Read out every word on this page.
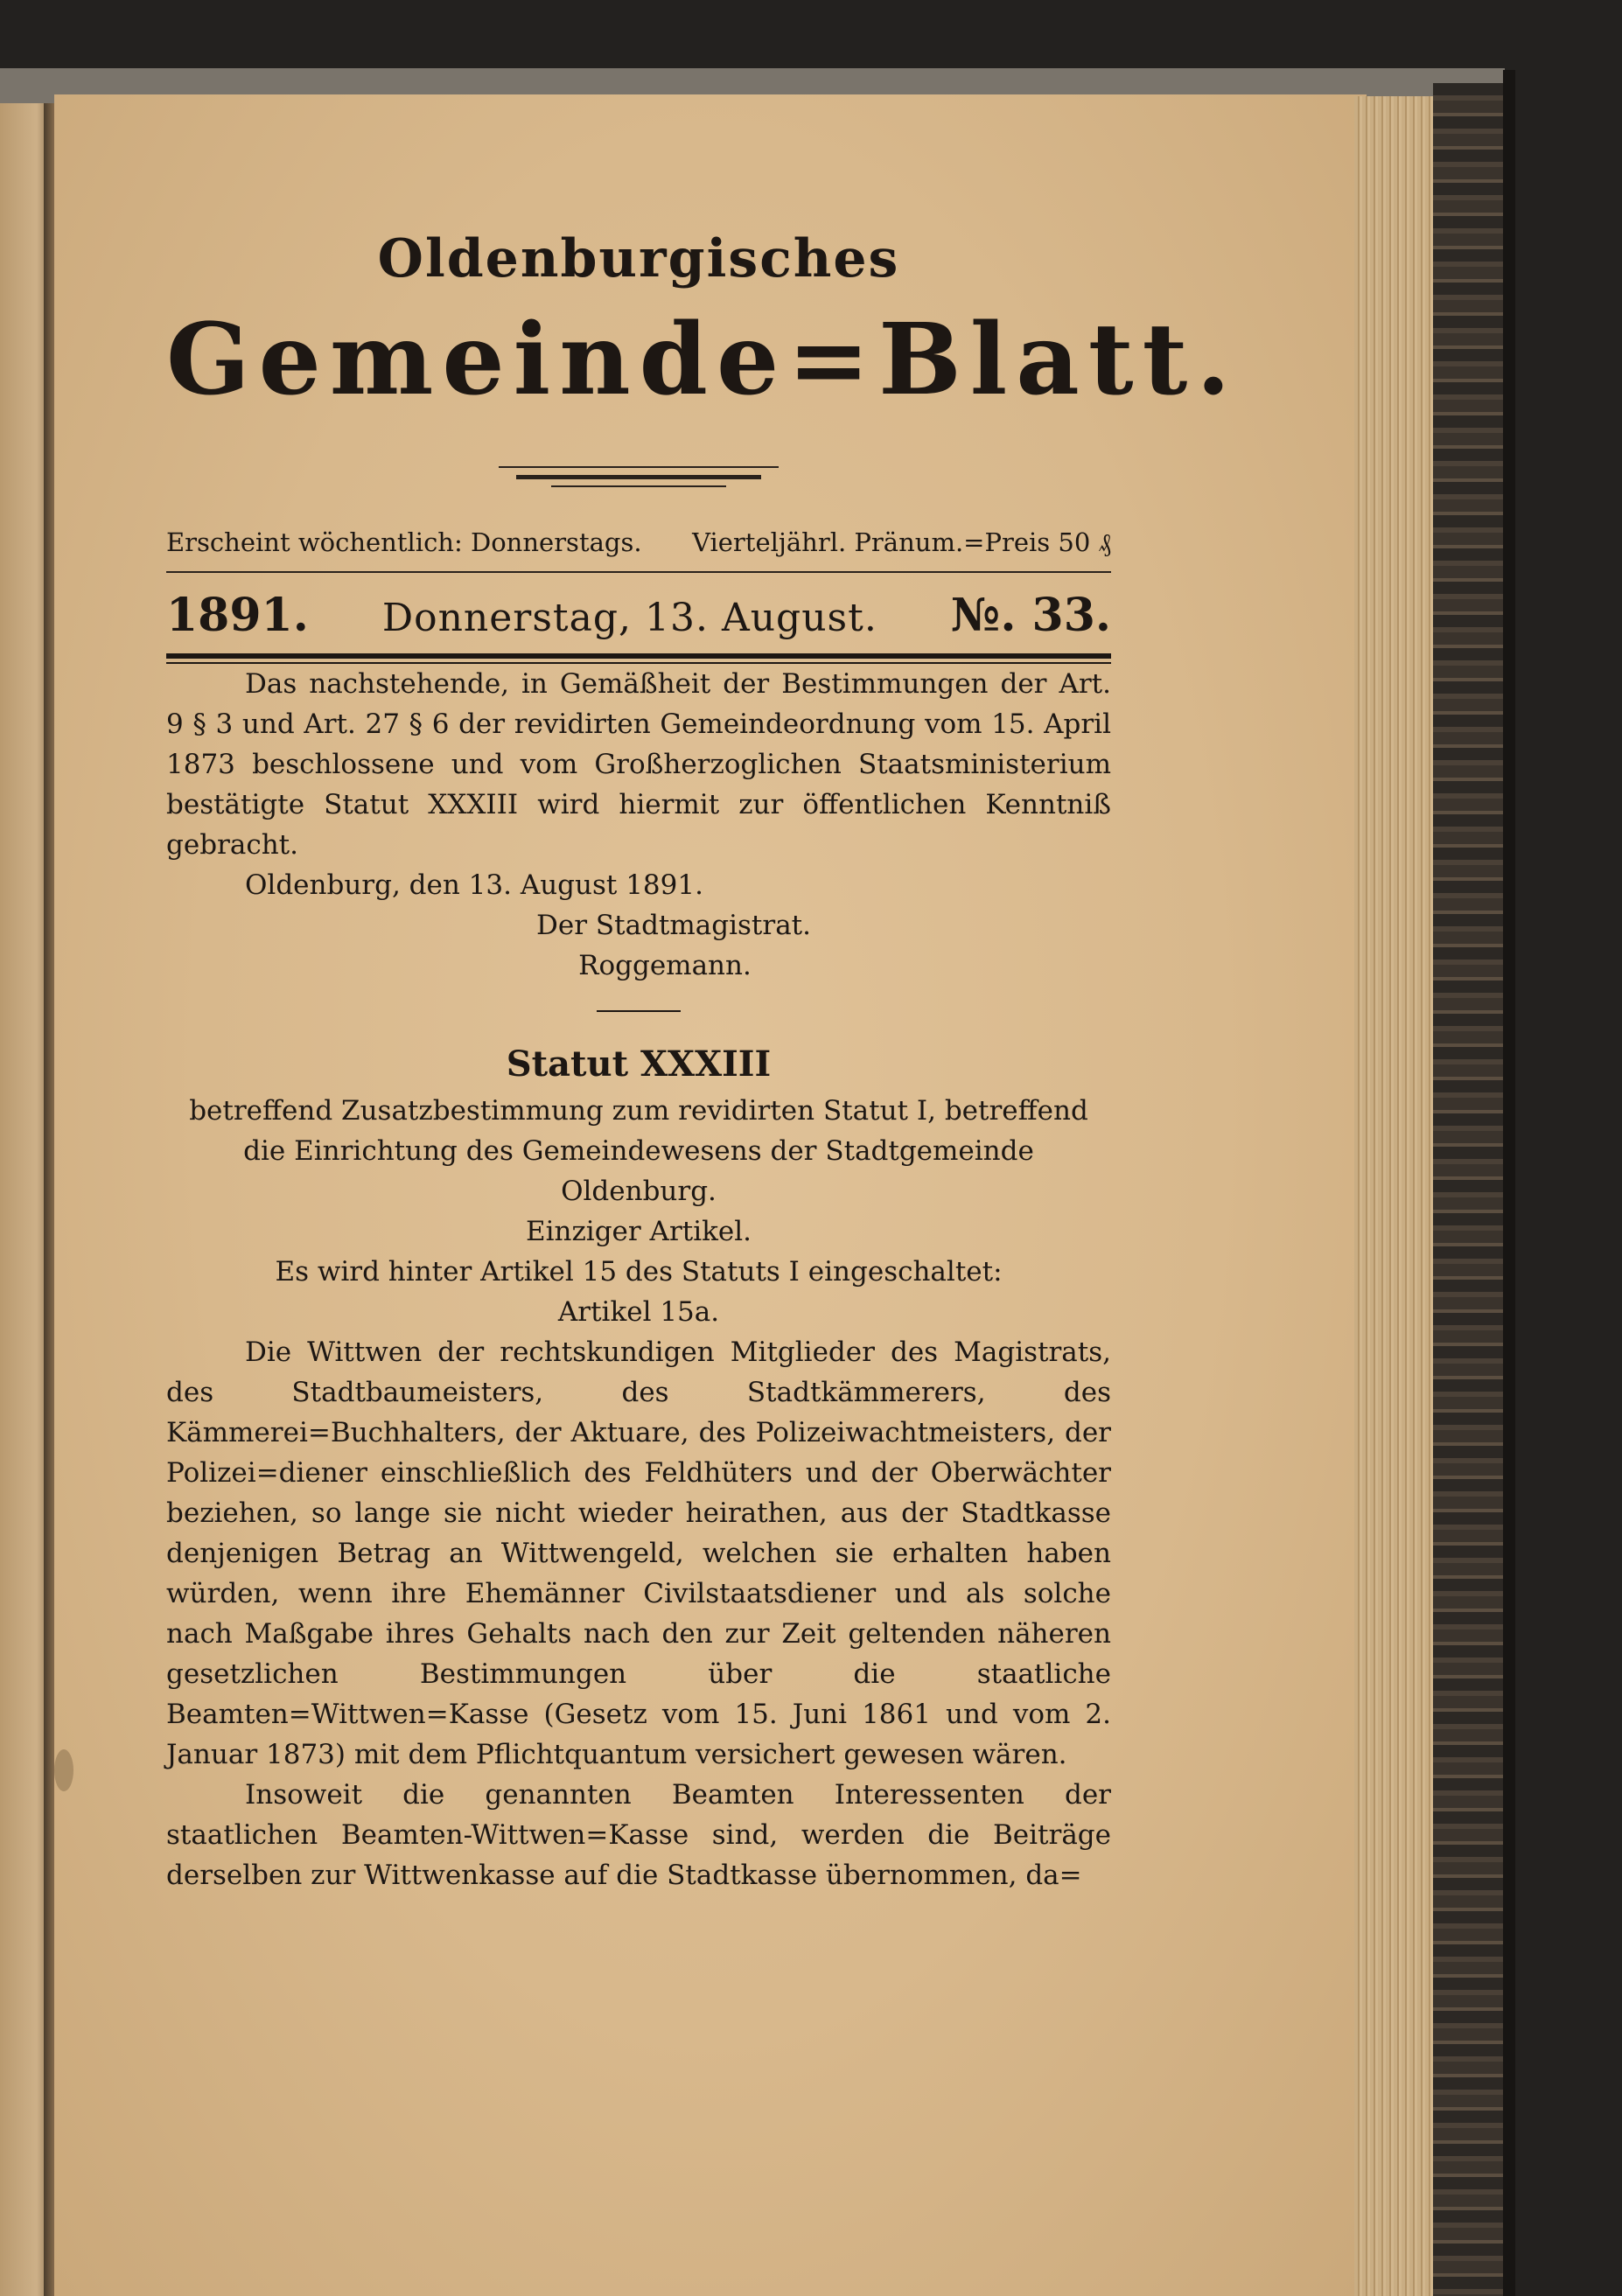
Oldenburgisches
Gemeinde=Blatt.
Erscheint wöchentlich: Donnerstags. Vierteljährl. Pränum.=Preis 50 ₰
1891. Donnerstag, 13. August. №. 33.

Das nachstehende, in Gemäßheit der Bestimmungen der Art. 9 § 3 und Art. 27 § 6 der revidirten Gemeindeordnung vom 15. April 1873 beschlossene und vom Großherzoglichen Staatsministerium bestätigte Statut XXXIII wird hiermit zur öffentlichen Kenntniß gebracht.

Oldenburg, den 13. August 1891.

Der Stadtmagistrat.

Roggemann.

Statut XXXIII

betreffend Zusatzbestimmung zum revidirten Statut I, betreffend die Einrichtung des Gemeindewesens der Stadtgemeinde Oldenburg.

Einziger Artikel.

Es wird hinter Artikel 15 des Statuts I eingeschaltet:

Artikel 15a.

Die Wittwen der rechtskundigen Mitglieder des Magistrats, des Stadtbaumeisters, des Stadtkämmerers, des Kämmerei=Buchhalters, der Aktuare, des Polizeiwachtmeisters, der Polizei=diener einschließlich des Feldhüters und der Oberwächter beziehen, so lange sie nicht wieder heirathen, aus der Stadtkasse denjenigen Betrag an Wittwengeld, welchen sie erhalten haben würden, wenn ihre Ehemänner Civilstaatsdiener und als solche nach Maßgabe ihres Gehalts nach den zur Zeit geltenden näheren gesetzlichen Bestimmungen über die staatliche Beamten=Wittwen=Kasse (Gesetz vom 15. Juni 1861 und vom 2. Januar 1873) mit dem Pflichtquantum versichert gewesen wären.

Insoweit die genannten Beamten Interessenten der staatlichen Beamten-Wittwen=Kasse sind, werden die Beiträge derselben zur Wittwenkasse auf die Stadtkasse übernommen, da=
